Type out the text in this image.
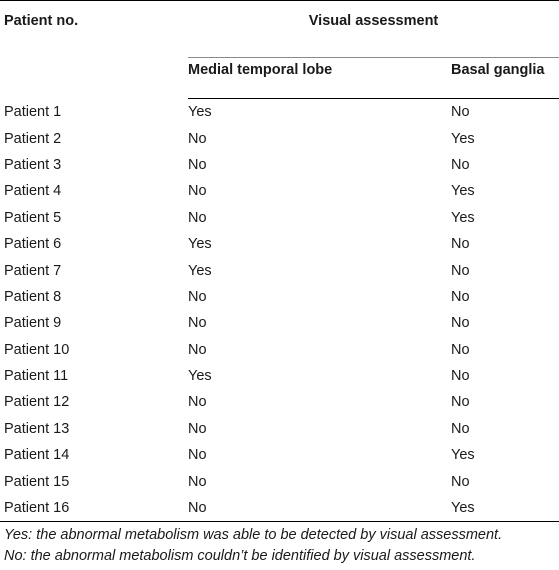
Patient no.	Visual assessment	
	Medial temporal lobe	Basal ganglia
Patient 1	Yes	No
Patient 2	No	Yes
Patient 3	No	No
Patient 4	No	Yes
Patient 5	No	Yes
Patient 6	Yes	No
Patient 7	Yes	No
Patient 8	No	No
Patient 9	No	No
Patient 10	No	No
Patient 11	Yes	No
Patient 12	No	No
Patient 13	No	No
Patient 14	No	Yes
Patient 15	No	No
Patient 16	No	Yes
Yes: the abnormal metabolism was able to be detected by visual assessment.
No: the abnormal metabolism couldn’t be identified by visual assessment.
